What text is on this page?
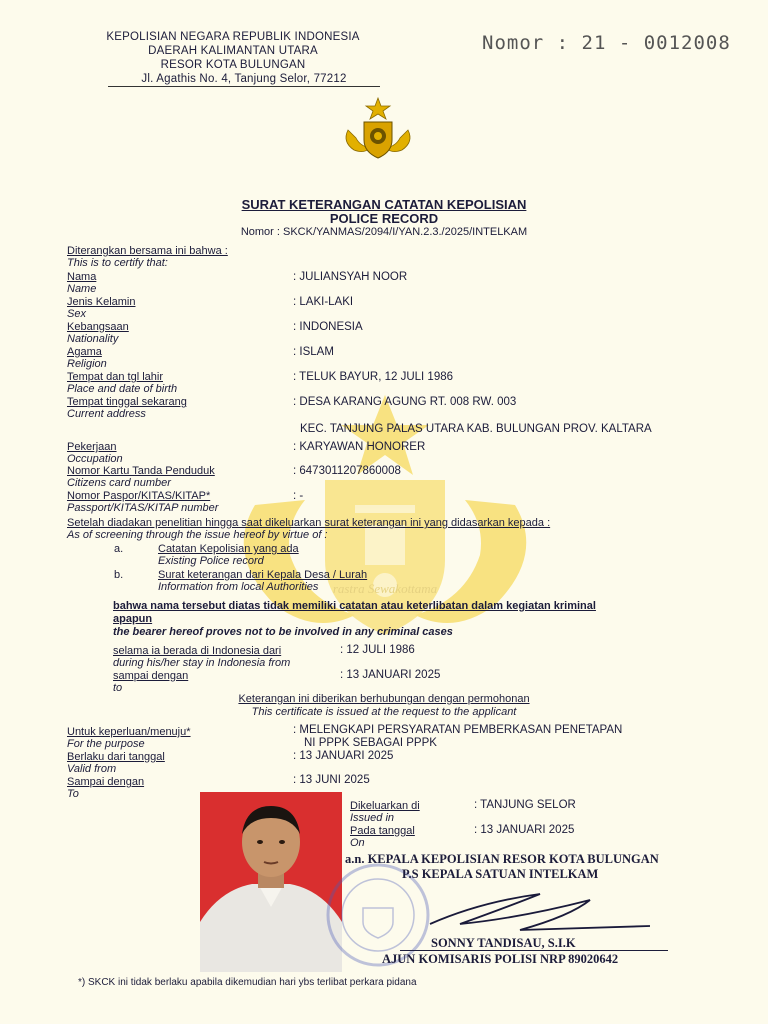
KEPOLISIAN NEGARA REPUBLIK INDONESIA
DAERAH KALIMANTAN UTARA
RESOR KOTA BULUNGAN
Jl. Agathis No. 4, Tanjung Selor, 77212
Nomor : 21 - 0012008
SURAT KETERANGAN CATATAN KEPOLISIAN
POLICE RECORD
Nomor : SKCK/YANMAS/2094/I/YAN.2.3./2025/INTELKAM
rastra Sewakottama
Diterangkan bersama ini bahwa :
This is to certify that:
Nama
Name
: JULIANSYAH NOOR
Jenis Kelamin
Sex
: LAKI-LAKI
Kebangsaan
Nationality
: INDONESIA
Agama
Religion
: ISLAM
Tempat dan tgl lahir
Place and date of birth
: TELUK BAYUR, 12 JULI 1986
Tempat tinggal sekarang
Current address
: DESA KARANG AGUNG RT. 008 RW. 003
KEC. TANJUNG PALAS UTARA KAB. BULUNGAN PROV. KALTARA
Pekerjaan
Occupation
: KARYAWAN HONORER
Nomor Kartu Tanda Penduduk
Citizens card number
: 6473011207860008
Nomor Paspor/KITAS/KITAP*
Passport/KITAS/KITAP number
: -
Setelah diadakan penelitian hingga saat dikeluarkan surat keterangan ini yang didasarkan kepada :
As of screening through the issue hereof by virtue of :
a.	Catatan Kepolisian yang ada
Existing Police record
b.	Surat keterangan dari Kepala Desa / Lurah
Information from local Authorities
bahwa nama tersebut diatas tidak memiliki catatan atau keterlibatan dalam kegiatan kriminal
apapun
the bearer hereof proves not to be involved in any criminal cases
selama ia berada di Indonesia dari
during his/her stay in Indonesia from
: 12 JULI 1986
sampai dengan
to
: 13 JANUARI 2025
Keterangan ini diberikan berhubungan dengan permohonan
This certificate is issued at the request to the applicant
Untuk keperluan/menuju*
For the purpose
: MELENGKAPI PERSYARATAN PEMBERKASAN PENETAPAN
NI PPPK SEBAGAI PPPK
Berlaku dari tanggal
Valid from
: 13 JANUARI 2025
Sampai dengan
To
: 13 JUNI 2025
Dikeluarkan di
Issued in
: TANJUNG SELOR
Pada tanggal
On
: 13 JANUARI 2025
a.n. KEPALA KEPOLISIAN RESOR KOTA BULUNGAN
P.S KEPALA SATUAN INTELKAM
SONNY TANDISAU, S.I.K
AJUN KOMISARIS POLISI NRP 89020642
*) SKCK ini tidak berlaku apabila dikemudian hari ybs terlibat perkara pidana
